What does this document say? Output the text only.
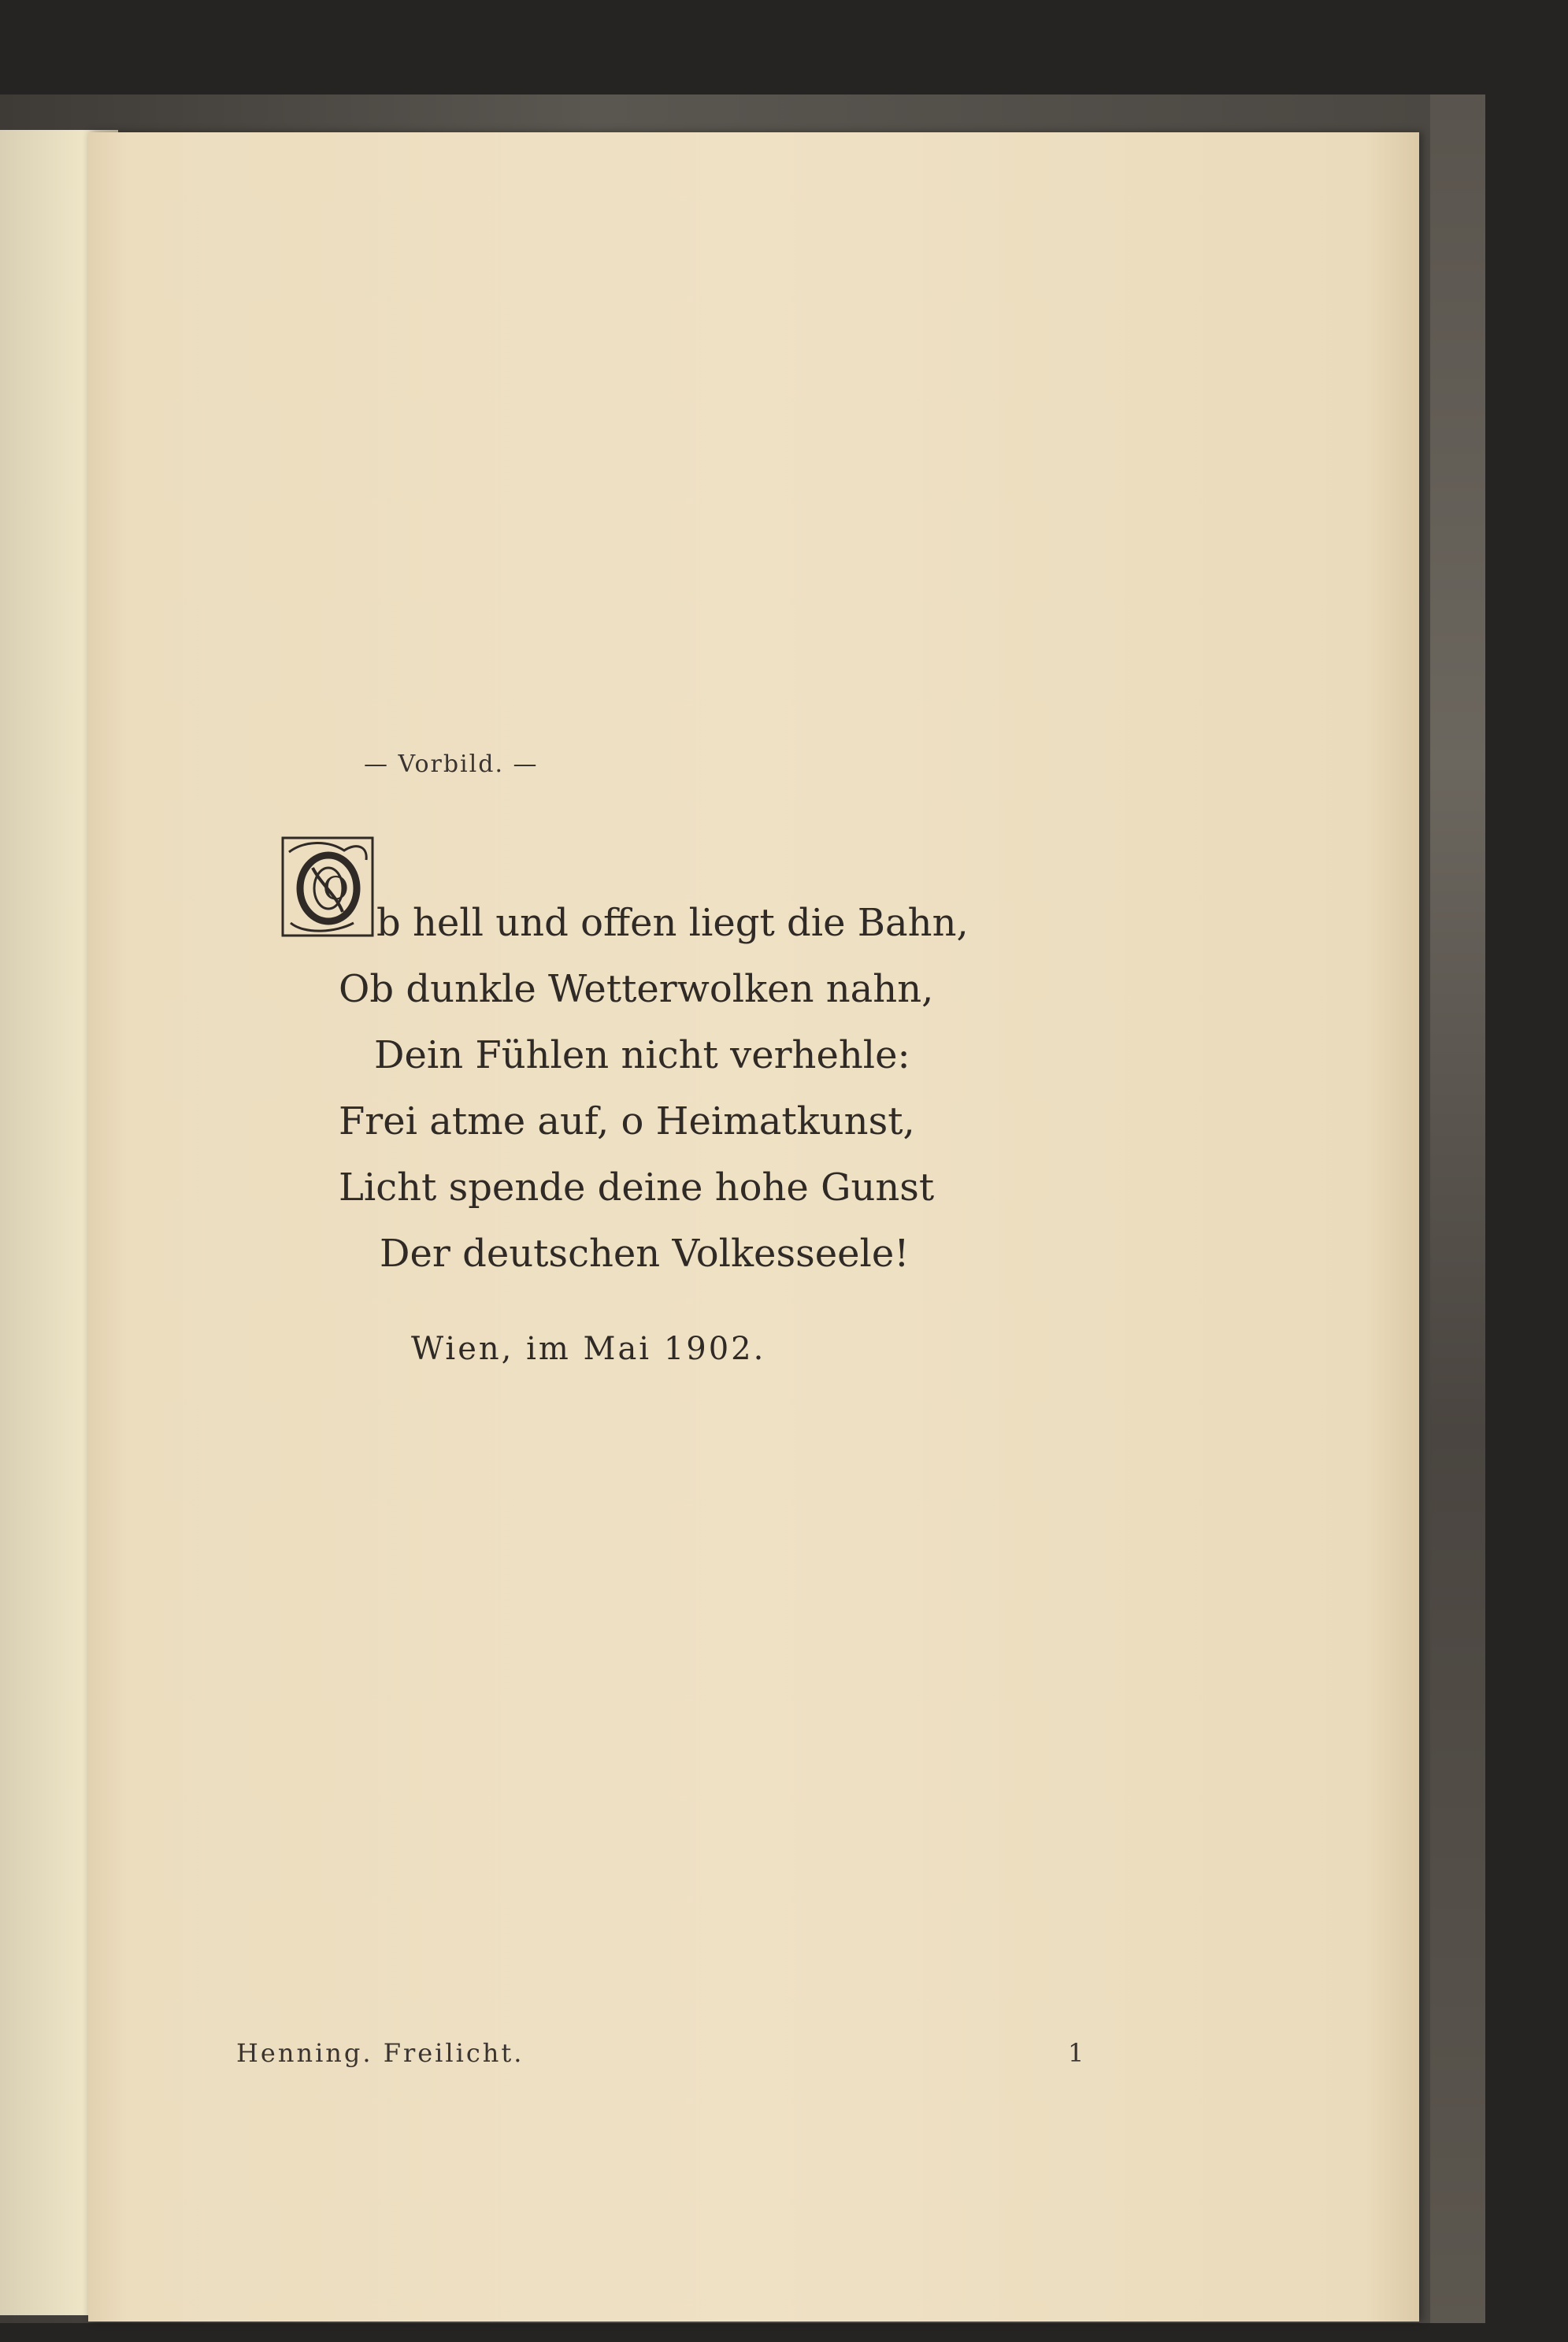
— Vorbild. —
O
b hell und offen liegt die Bahn,
Ob dunkle Wetterwolken nahn,
Dein Fühlen nicht verhehle:
Frei atme auf, o Heimatkunst,
Licht spende deine hohe Gunst
Der deutschen Volkesseele!
Wien, im Mai 1902.
Henning. Freilicht.	1
